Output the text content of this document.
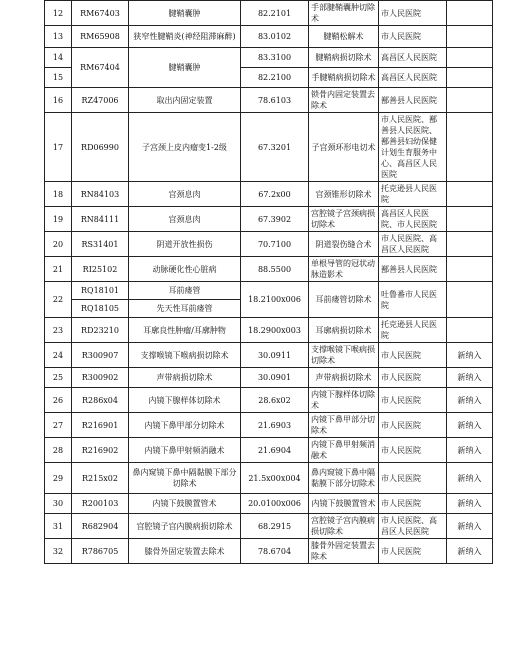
12	RM67403	腱鞘囊肿	82.2101	手部腱鞘囊肿切除术	市人民医院	
13	RM65908	狭窄性腱鞘炎(神经阻滞麻醉)	83.0102	腱鞘松解术	市人民医院	
14	RM67404	腱鞘囊肿	83.3100	腱鞘病损切除术	高昌区人民医院	
15			82.2100	手腱鞘病损切除术	高昌区人民医院	
16	RZ47006	取出内固定装置	78.6103	锁骨内固定装置去除术	鄯善县人民医院	
17	RD06990	子宫颈上皮内瘤变1-2级	67.3201	子宫颈环形电切术	市人民医院、鄯善县人民医院、鄯善县妇幼保健计划生育服务中心、高昌区人民医院	
18	RN84103	宫颈息肉	67.2x00	宫颈锥形切除术	托克逊县人民医院	
19	RN84111	宫颈息肉	67.3902	宫腔镜子宫颈病损切除术	高昌区人民医院、市人民医院	
20	RS31401	阴道开放性损伤	70.7100	阴道裂伤缝合术	市人民医院、高昌区人民医院	
21	RI25102	动脉硬化性心脏病	88.5500	单根导管的冠状动脉造影术	鄯善县人民医院	
22	RQ18101	耳前瘘管	18.2100x006	耳前瘘管切除术	吐鲁番市人民医院	
	RQ18105	先天性耳前瘘管				
23	RD23210	耳廓良性肿瘤/耳廓肿物	18.2900x003	耳廓病损切除术	托克逊县人民医院	
24	R300907	支撑喉镜下喉病损切除术	30.0911	支撑喉镜下喉病损切除术	市人民医院	新纳入
25	R300902	声带病损切除术	30.0901	声带病损切除术	市人民医院	新纳入
26	R286x04	内镜下腺样体切除术	28.6x02	内镜下腺样体切除术	市人民医院	新纳入
27	R216901	内镜下鼻甲部分切除术	21.6903	内镜下鼻甲部分切除术	市人民医院	新纳入
28	R216902	内镜下鼻甲射频消融术	21.6904	内镜下鼻甲射频消融术	市人民医院	新纳入
29	R215x02	鼻内窥镜下鼻中隔黏膜下部分切除术	21.5x00x004	鼻内窥镜下鼻中隔黏膜下部分切除术	市人民医院	新纳入
30	R200103	内镜下鼓膜置管术	20.0100x006	内镜下鼓膜置管术	市人民医院	新纳入
31	R682904	宫腔镜子宫内膜病损切除术	68.2915	宫腔镜子宫内膜病损切除术	市人民医院、高昌区人民医院	新纳入
32	R786705	膝骨外固定装置去除术	78.6704	膝骨外固定装置去除术	市人民医院	新纳入
